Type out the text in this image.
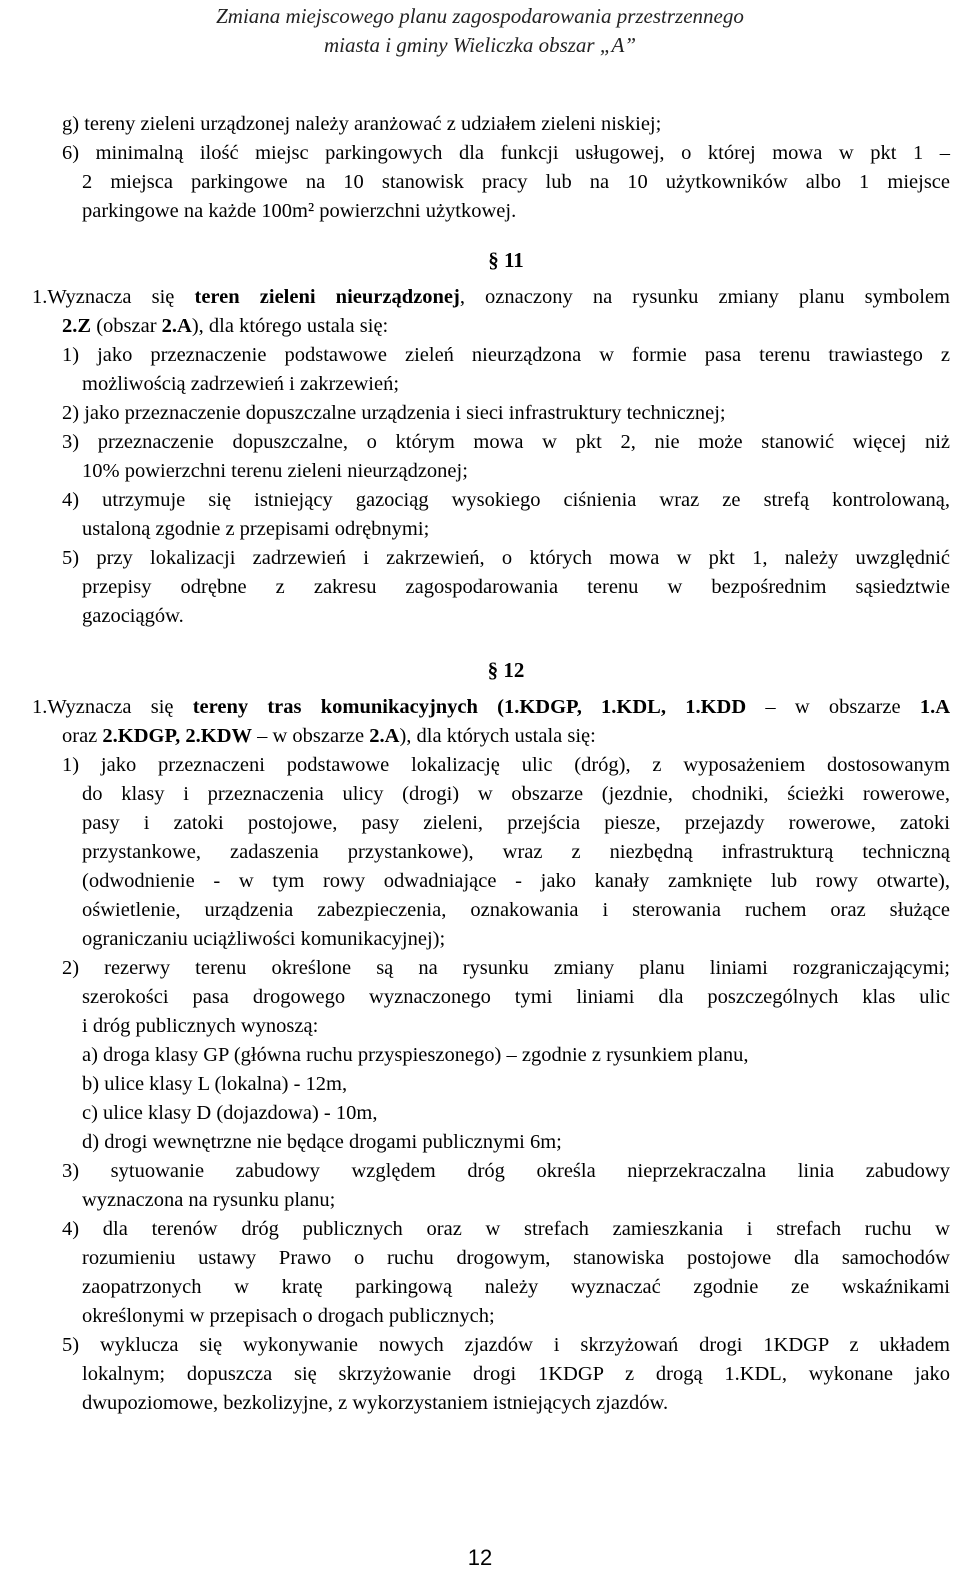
Zmiana miejscowego planu zagospodarowania przestrzennego
miasta i gminy Wieliczka obszar „A”

g) tereny zieleni urządzonej należy aranżować z udziałem zieleni niskiej;

6) minimalną ilość miejsc parkingowych dla funkcji usługowej, o której mowa w pkt 1 –

2 miejsca parkingowe na 10 stanowisk pracy lub na 10 użytkowników albo 1 miejsce

parkingowe na każde 100m² powierzchni użytkowej.

§ 11

1.Wyznacza się teren zieleni nieurządzonej, oznaczony na rysunku zmiany planu symbolem

2.Z (obszar 2.A), dla którego ustala się:

1) jako przeznaczenie podstawowe zieleń nieurządzona w formie pasa terenu trawiastego z

możliwością zadrzewień i zakrzewień;

2) jako przeznaczenie dopuszczalne urządzenia i sieci infrastruktury technicznej;

3) przeznaczenie dopuszczalne, o którym mowa w pkt 2, nie może stanowić więcej niż

10% powierzchni terenu zieleni nieurządzonej;

4) utrzymuje się istniejący gazociąg wysokiego ciśnienia wraz ze strefą kontrolowaną,

ustaloną zgodnie z przepisami odrębnymi;

5) przy lokalizacji zadrzewień i zakrzewień, o których mowa w pkt 1, należy uwzględnić

przepisy odrębne z zakresu zagospodarowania terenu w bezpośrednim sąsiedztwie

gazociągów.

§ 12

1.Wyznacza się tereny tras komunikacyjnych (1.KDGP, 1.KDL, 1.KDD – w obszarze 1.A

oraz 2.KDGP, 2.KDW – w obszarze 2.A), dla których ustala się:

1) jako przeznaczeni podstawowe lokalizację ulic (dróg), z wyposażeniem dostosowanym

do klasy i przeznaczenia ulicy (drogi) w obszarze (jezdnie, chodniki, ścieżki rowerowe,

pasy i zatoki postojowe, pasy zieleni, przejścia piesze, przejazdy rowerowe, zatoki

przystankowe, zadaszenia przystankowe), wraz z niezbędną infrastrukturą techniczną

(odwodnienie - w tym rowy odwadniające - jako kanały zamknięte lub rowy otwarte),

oświetlenie, urządzenia zabezpieczenia, oznakowania i sterowania ruchem oraz służące

ograniczaniu uciążliwości komunikacyjnej);

2) rezerwy terenu określone są na rysunku zmiany planu liniami rozgraniczającymi;

szerokości pasa drogowego wyznaczonego tymi liniami dla poszczególnych klas ulic

i dróg publicznych wynoszą:

a) droga klasy GP (główna ruchu przyspieszonego) – zgodnie z rysunkiem planu,

b) ulice klasy L (lokalna) - 12m,

c) ulice klasy D (dojazdowa) - 10m,

d) drogi wewnętrzne nie będące drogami publicznymi 6m;

3) sytuowanie zabudowy względem dróg określa nieprzekraczalna linia zabudowy

wyznaczona na rysunku planu;

4) dla terenów dróg publicznych oraz w strefach zamieszkania i strefach ruchu w

rozumieniu ustawy Prawo o ruchu drogowym, stanowiska postojowe dla samochodów

zaopatrzonych w kratę parkingową należy wyznaczać zgodnie ze wskaźnikami

określonymi w przepisach o drogach publicznych;

5) wyklucza się wykonywanie nowych zjazdów i skrzyżowań drogi 1KDGP z układem

lokalnym; dopuszcza się skrzyżowanie drogi 1KDGP z drogą 1.KDL, wykonane jako

dwupoziomowe, bezkolizyjne, z wykorzystaniem istniejących zjazdów.

12
